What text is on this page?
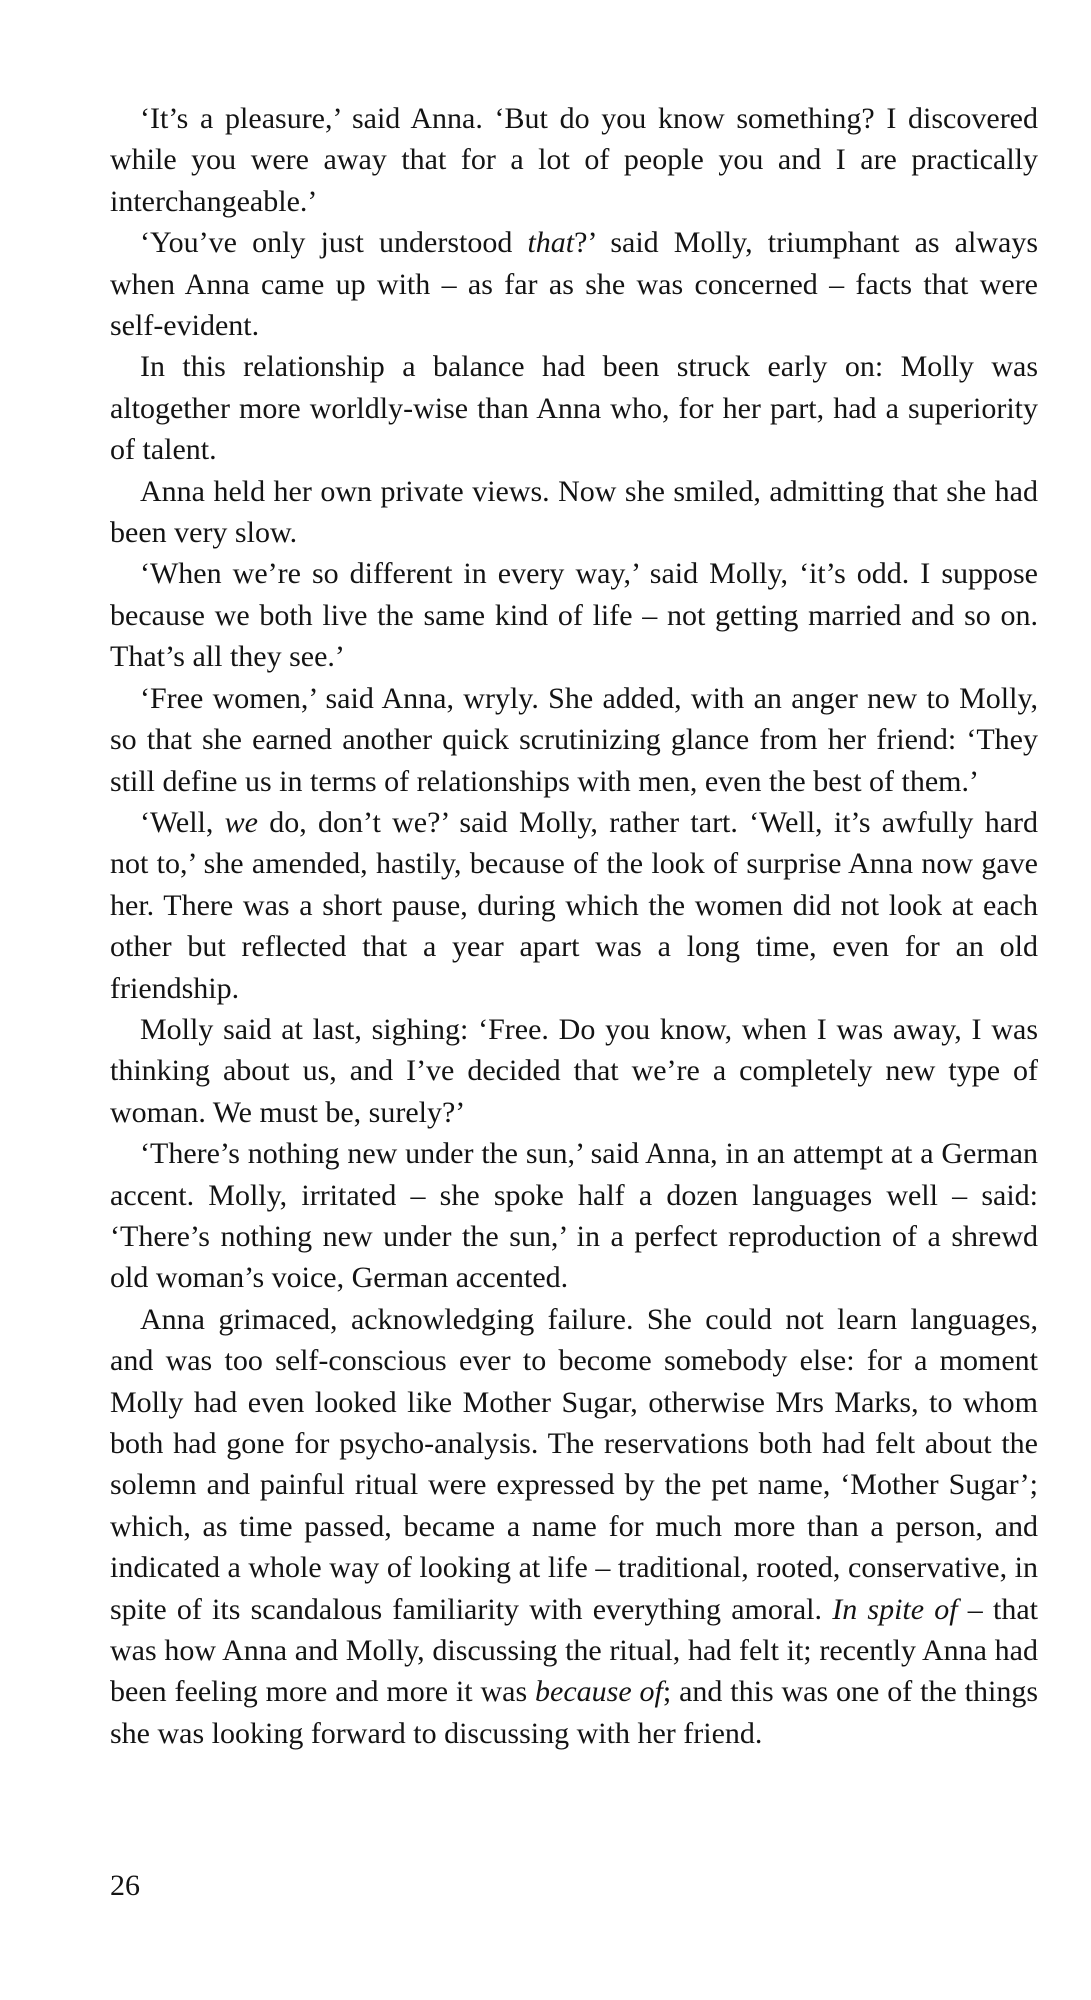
‘It’s a pleasure,’ said Anna. ‘But do you know something? I discovered while you were away that for a lot of people you and I are practically interchangeable.’

‘You’ve only just understood that?’ said Molly, triumphant as always when Anna came up with – as far as she was concerned – facts that were self-evident.

In this relationship a balance had been struck early on: Molly was altogether more worldly-wise than Anna who, for her part, had a superiority of talent.

Anna held her own private views. Now she smiled, admitting that she had been very slow.

‘When we’re so different in every way,’ said Molly, ‘it’s odd. I suppose because we both live the same kind of life – not getting married and so on. That’s all they see.’

‘Free women,’ said Anna, wryly. She added, with an anger new to Molly, so that she earned another quick scrutinizing glance from her friend: ‘They still define us in terms of relationships with men, even the best of them.’

‘Well, we do, don’t we?’ said Molly, rather tart. ‘Well, it’s awfully hard not to,’ she amended, hastily, because of the look of surprise Anna now gave her. There was a short pause, during which the women did not look at each other but reflected that a year apart was a long time, even for an old friendship.

Molly said at last, sighing: ‘Free. Do you know, when I was away, I was thinking about us, and I’ve decided that we’re a completely new type of woman. We must be, surely?’

‘There’s nothing new under the sun,’ said Anna, in an attempt at a German accent. Molly, irritated – she spoke half a dozen languages well – said: ‘There’s nothing new under the sun,’ in a perfect reproduction of a shrewd old woman’s voice, German accented.

Anna grimaced, acknowledging failure. She could not learn languages, and was too self-conscious ever to become somebody else: for a moment Molly had even looked like Mother Sugar, otherwise Mrs Marks, to whom both had gone for psycho-analysis. The reservations both had felt about the solemn and painful ritual were expressed by the pet name, ‘Mother Sugar’; which, as time passed, became a name for much more than a person, and indicated a whole way of looking at life – traditional, rooted, conservative, in spite of its scandalous familiarity with everything amoral. In spite of – that was how Anna and Molly, discussing the ritual, had felt it; recently Anna had been feeling more and more it was because of; and this was one of the things she was looking forward to discussing with her friend.

26
